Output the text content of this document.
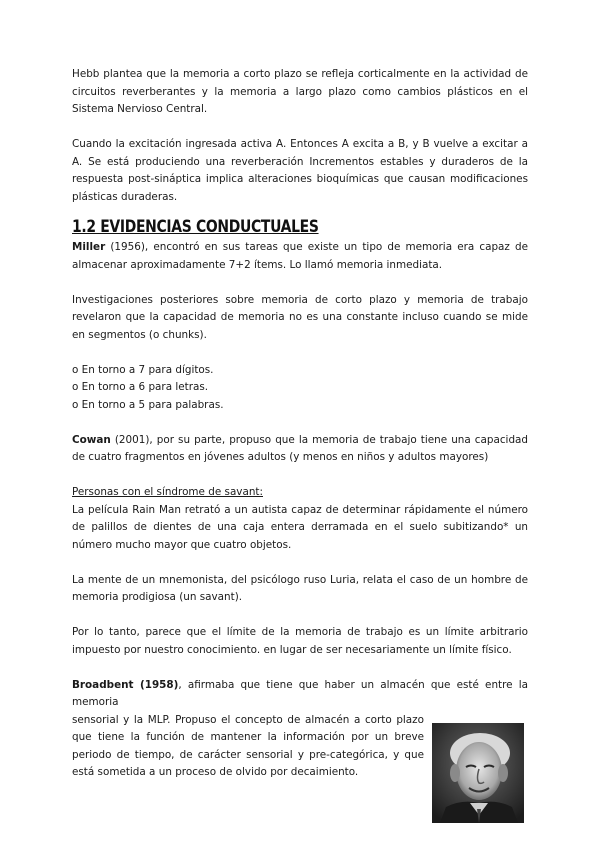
Hebb plantea que la memoria a corto plazo se refleja corticalmente en la actividad de circuitos reverberantes y la memoria a largo plazo como cambios plásticos en el Sistema Nervioso Central.

Cuando la excitación ingresada activa A. Entonces A excita a B, y B vuelve a excitar a A. Se está produciendo una reverberación Incrementos estables y duraderos de la respuesta post-sináptica implica alteraciones bioquímicas que causan modificaciones plásticas duraderas.

1.2 EVIDENCIAS CONDUCTUALES

Miller (1956), encontró en sus tareas que existe un tipo de memoria era capaz de almacenar aproximadamente 7+2 ítems. Lo llamó memoria inmediata.

Investigaciones posteriores sobre memoria de corto plazo y memoria de trabajo revelaron que la capacidad de memoria no es una constante incluso cuando se mide en segmentos (o chunks).

o En torno a 7 para dígitos.

o En torno a 6 para letras.

o En torno a 5 para palabras.

Cowan (2001), por su parte, propuso que la memoria de trabajo tiene una capacidad de cuatro fragmentos en jóvenes adultos (y menos en niños y adultos mayores)

Personas con el síndrome de savant:

La película Rain Man retrató a un autista capaz de determinar rápidamente el número de palillos de dientes de una caja entera derramada en el suelo subitizando* un número mucho mayor que cuatro objetos.

La mente de un mnemonista, del psicólogo ruso Luria, relata el caso de un hombre de memoria prodigiosa (un savant).

Por lo tanto, parece que el límite de la memoria de trabajo es un límite arbitrario impuesto por nuestro conocimiento. en lugar de ser necesariamente un límite físico.

Broadbent (1958), afirmaba que tiene que haber un almacén que esté entre la memoria

sensorial y la MLP. Propuso el concepto de almacén a corto plazo que tiene la función de mantener la información por un breve periodo de tiempo, de carácter sensorial y pre-categórica, y que está sometida a un proceso de olvido por decaimiento.
